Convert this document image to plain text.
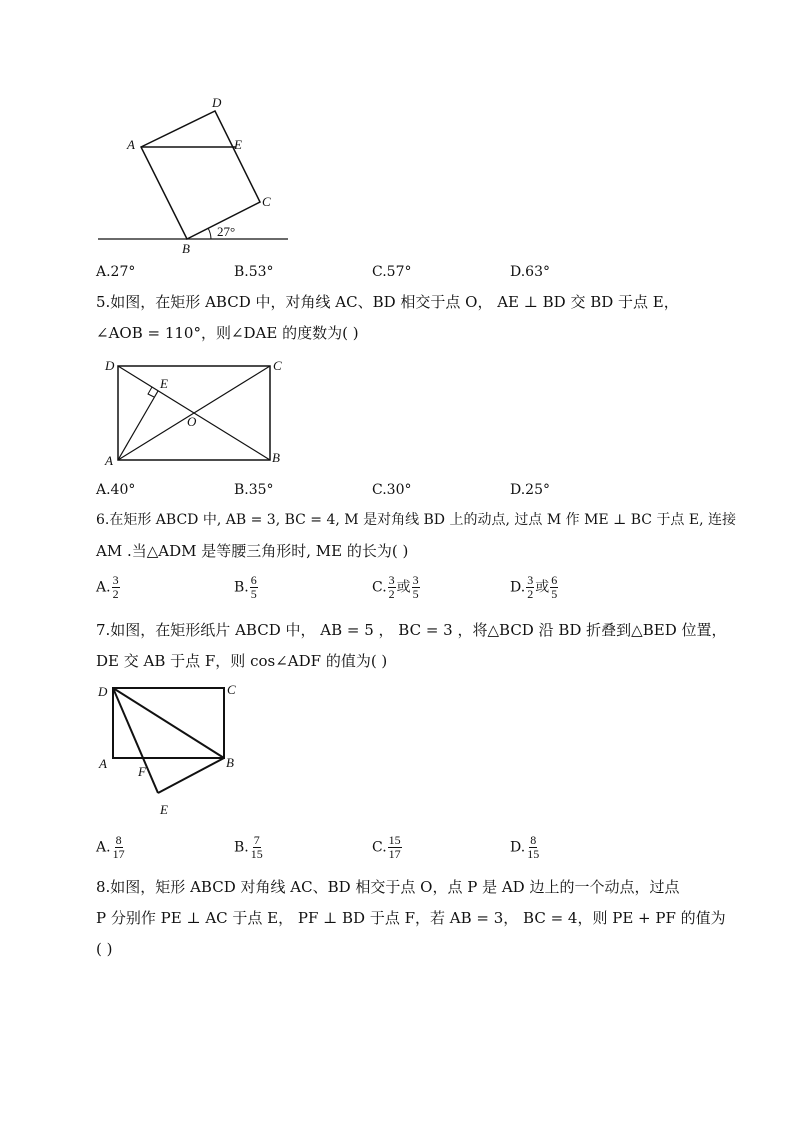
D
A	E
C
B
27°
A.27°	B.53°	C.57°	D.63°
5.如图，在矩形 ABCD 中，对角线 AC、BD 相交于点 O， AE ⊥ BD 交 BD 于点 E，
∠AOB = 110°，则∠DAE 的度数为( )
D	C
E
O
A	B
A.40°	B.35°	C.30°	D.25°
6.在矩形 ABCD 中, AB = 3, BC = 4, M 是对角线 BD 上的动点, 过点 M 作 ME ⊥ BC 于点 E, 连接
AM .当△ADM 是等腰三角形时, ME 的长为( )
A. $\frac{3}{2}$	B. $\frac{6}{5}$	C. $\frac{3}{2}$ 或 $\frac{3}{5}$	D. $\frac{3}{2}$ 或 $\frac{6}{5}$
7.如图，在矩形纸片 ABCD 中， AB = 5 ， BC = 3 ，将△BCD 沿 BD 折叠到△BED 位置，
DE 交 AB 于点 F，则 cos∠ADF 的值为( )
D	C
A
F
B
E
A. $\frac{8}{17}$	B. $\frac{7}{15}$	C. $\frac{15}{17}$	D. $\frac{8}{15}$
8.如图，矩形 ABCD 对角线 AC、BD 相交于点 O，点 P 是 AD 边上的一个动点，过点
P 分别作 PE ⊥ AC 于点 E， PF ⊥ BD 于点 F，若 AB = 3， BC = 4，则 PE + PF 的值为
( )
